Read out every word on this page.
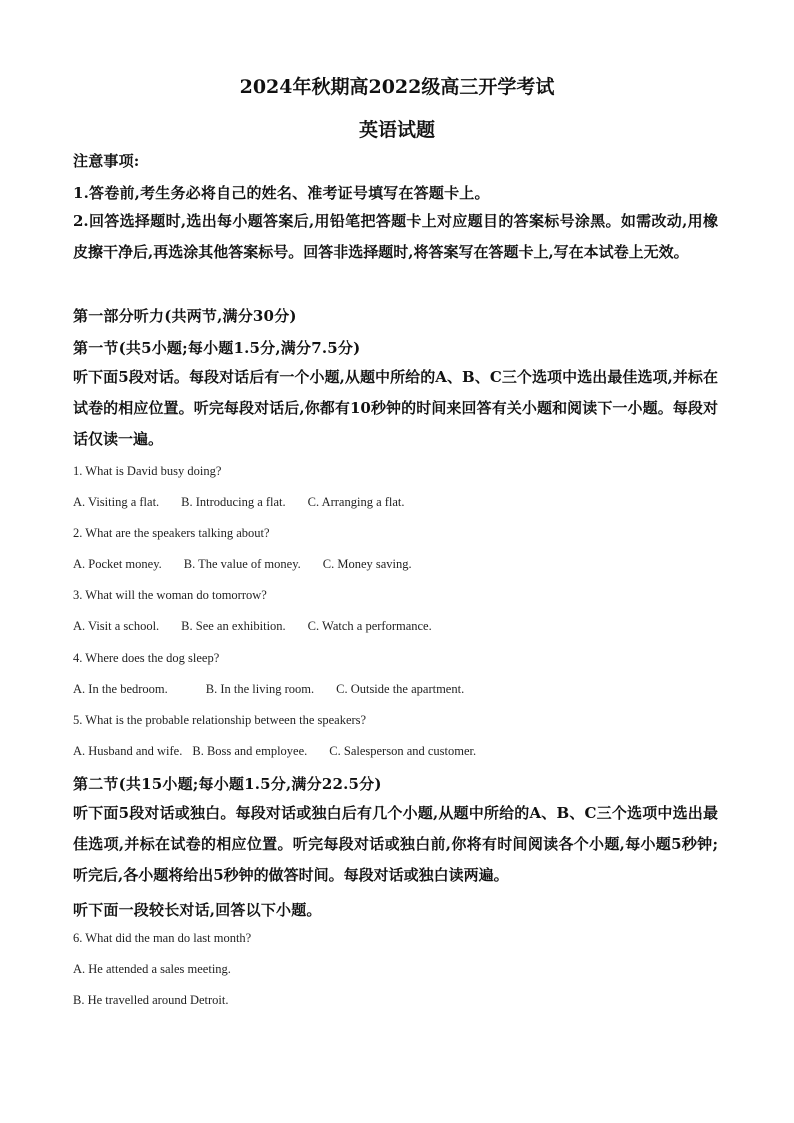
2024年秋期高2022级高三开学考试
英语试题
注意事项:
1.答卷前,考生务必将自己的姓名、准考证号填写在答题卡上。
2.回答选择题时,选出每小题答案后,用铅笔把答题卡上对应题目的答案标号涂黑。如需改动,用橡皮擦干净后,再选涂其他答案标号。回答非选择题时,将答案写在答题卡上,写在本试卷上无效。
第一部分听力(共两节,满分30分)
第一节(共5小题;每小题1.5分,满分7.5分)
听下面5段对话。每段对话后有一个小题,从题中所给的A、B、C三个选项中选出最佳选项,并标在试卷的相应位置。听完每段对话后,你都有10秒钟的时间来回答有关小题和阅读下一小题。每段对话仅读一遍。
1. What is David busy doing?
A. Visiting a flat. B. Introducing a flat. C. Arranging a flat.
2. What are the speakers talking about?
A. Pocket money. B. The value of money. C. Money saving.
3. What will the woman do tomorrow?
A. Visit a school. B. See an exhibition. C. Watch a performance.
4. Where does the dog sleep?
A. In the bedroom.	B. In the living room. C. Outside the apartment.
5. What is the probable relationship between the speakers?
A. Husband and wife. B. Boss and employee. C. Salesperson and customer.
第二节(共15小题;每小题1.5分,满分22.5分)
听下面5段对话或独白。每段对话或独白后有几个小题,从题中所给的A、B、C三个选项中选出最佳选项,并标在试卷的相应位置。听完每段对话或独白前,你将有时间阅读各个小题,每小题5秒钟;听完后,各小题将给出5秒钟的做答时间。每段对话或独白读两遍。
听下面一段较长对话,回答以下小题。
6. What did the man do last month?
A. He attended a sales meeting.
B. He travelled around Detroit.
